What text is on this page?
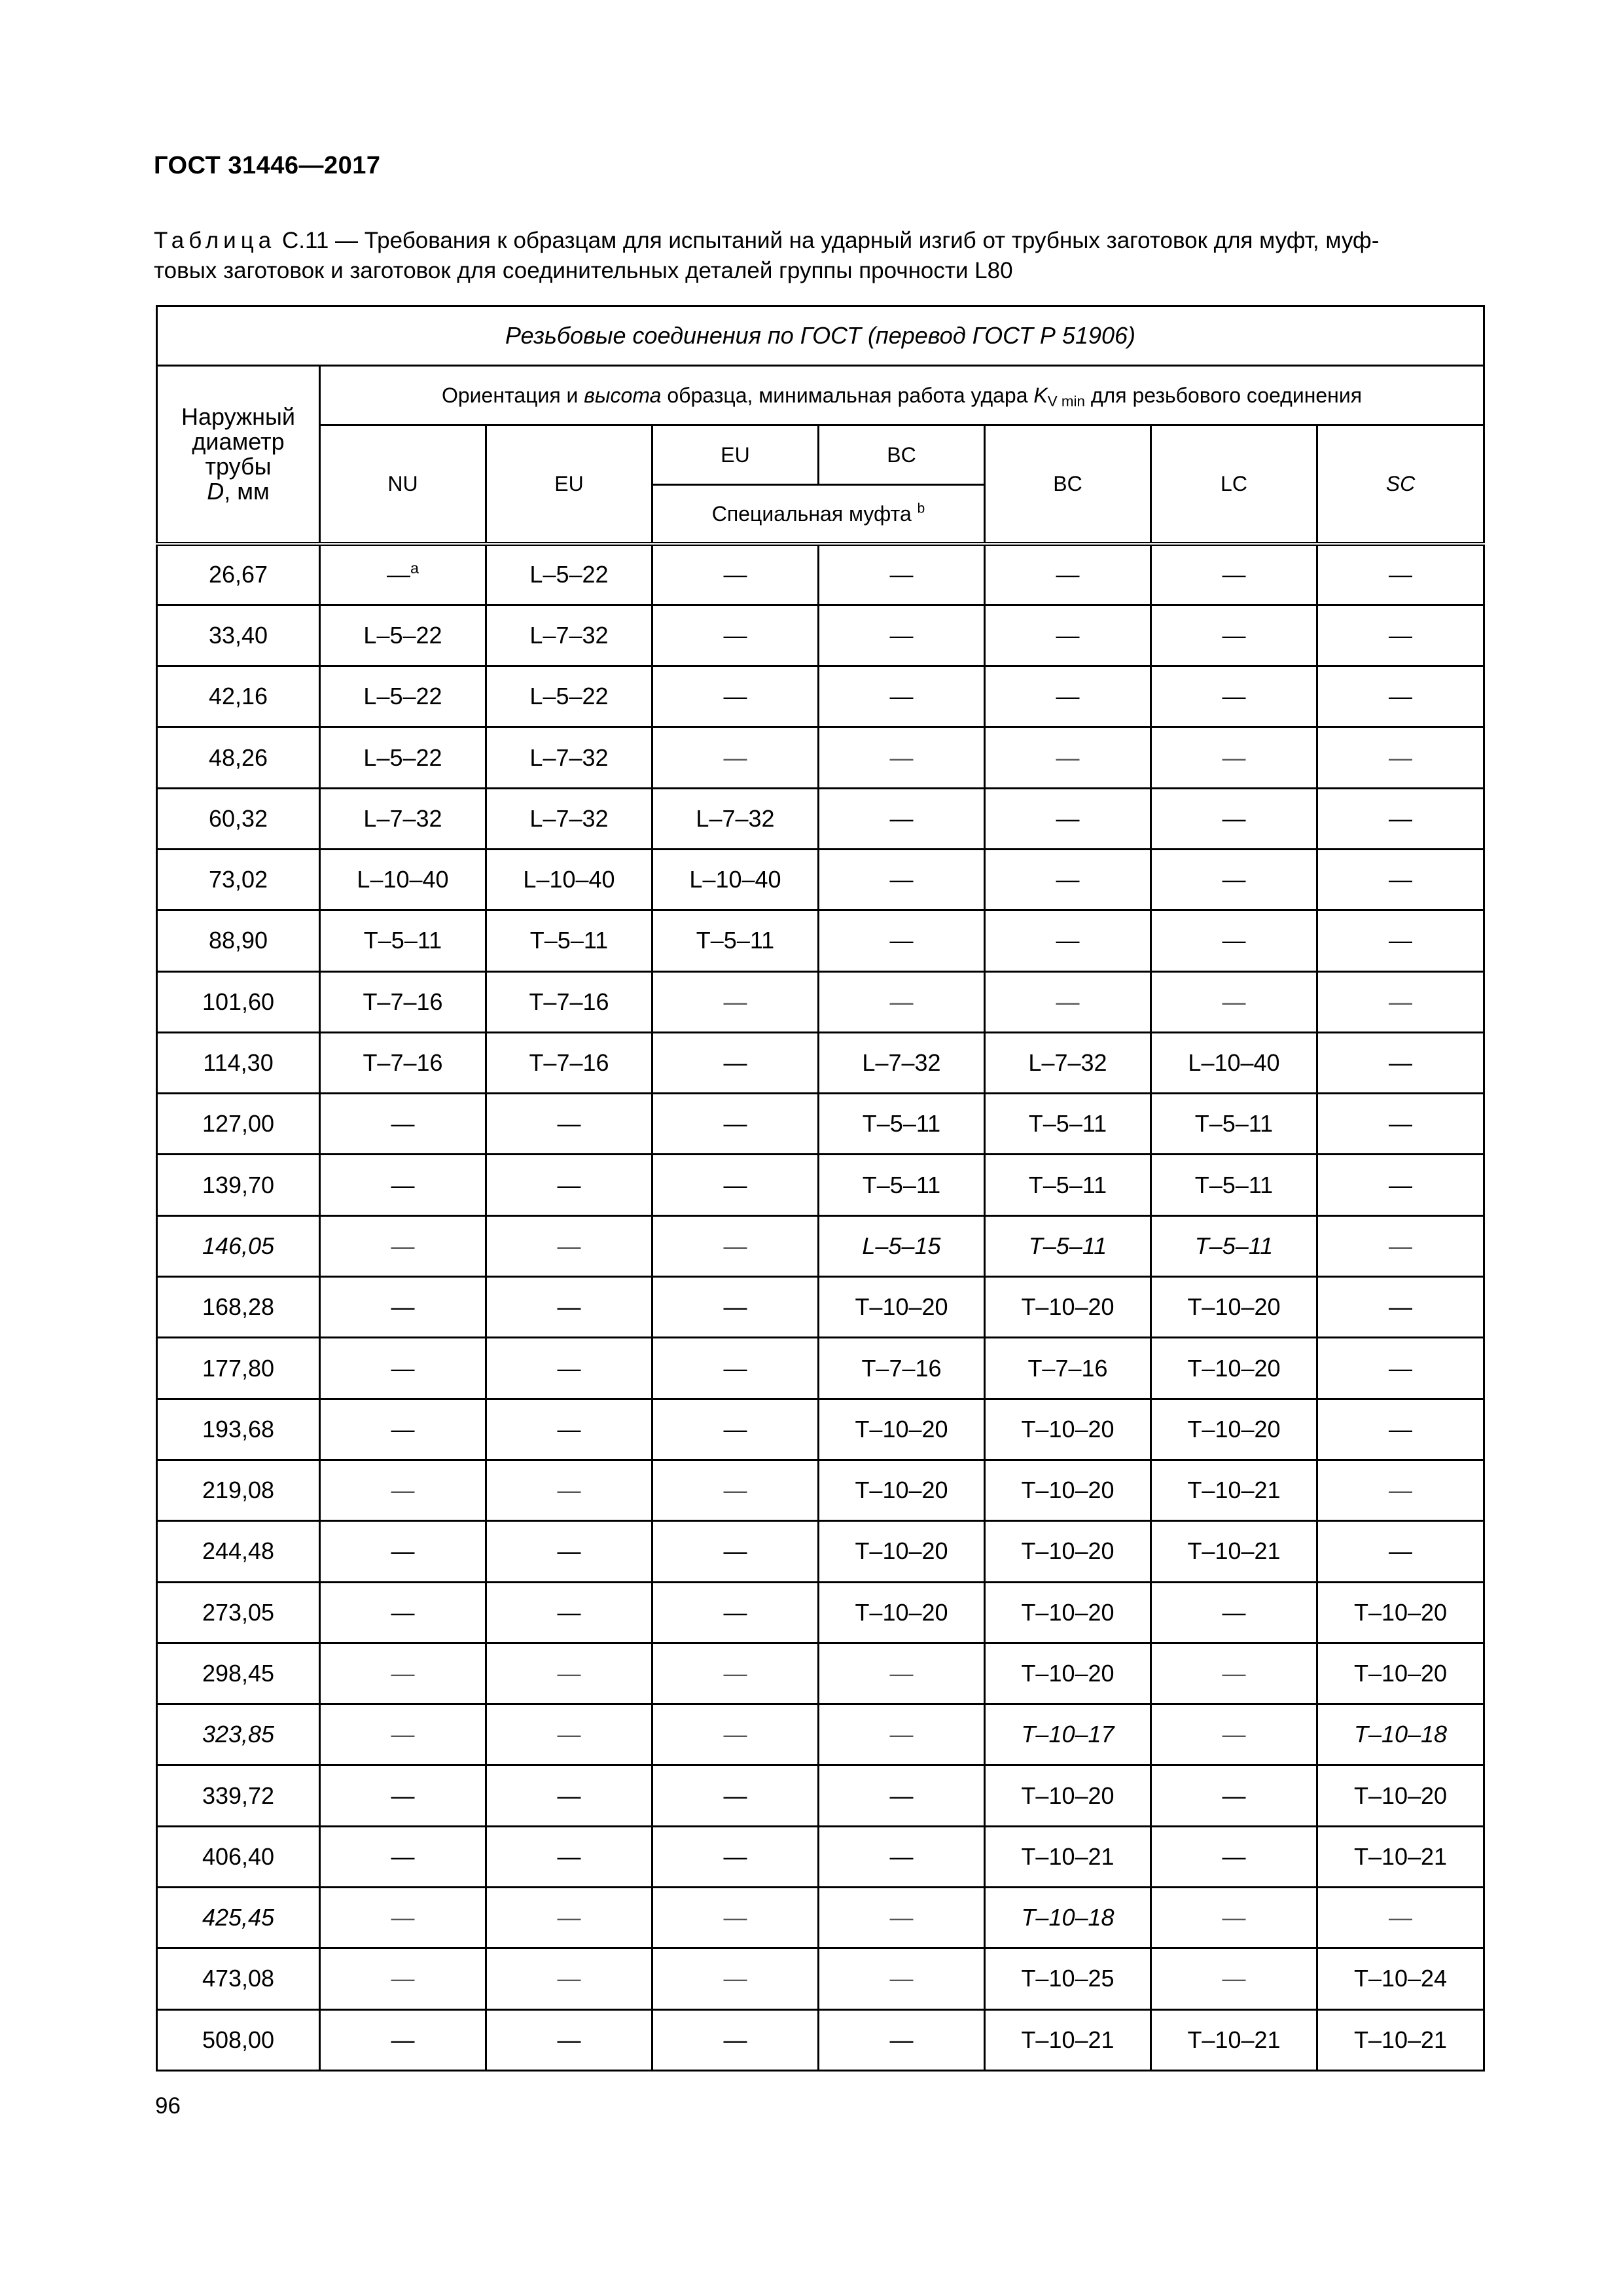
ГОСТ 31446—2017
Таблица С.11 — Требования к образцам для испытаний на ударный изгиб от трубных заготовок для муфт, муф-
товых заготовок и заготовок для соединительных деталей группы прочности L80
Резьбовые соединения по ГОСТ (перевод ГОСТ Р 51906)							
Наружный
диаметр
трубы
D, мм	Ориентация и высота образца, минимальная работа удара $K_{V min}$ для резьбового соединения						
	NU	EU	EU	BC	BC	LC	SC
			Специальная муфта $^b$
26,67	—$^a$	L–5–22	—	—	—	—	—
33,40	L–5–22	L–7–32	—	—	—	—	—
42,16	L–5–22	L–5–22	—	—	—	—	—
48,26	L–5–22	L–7–32	—	—	—	—	—
60,32	L–7–32	L–7–32	L–7–32	—	—	—	—
73,02	L–10–40	L–10–40	L–10–40	—	—	—	—
88,90	T–5–11	T–5–11	T–5–11	—	—	—	—
101,60	T–7–16	T–7–16	—	—	—	—	—
114,30	T–7–16	T–7–16	—	L–7–32	L–7–32	L–10–40	—
127,00	—	—	—	T–5–11	T–5–11	T–5–11	—
139,70	—	—	—	T–5–11	T–5–11	T–5–11	—
146,05	—	—	—	L–5–15	T–5–11	T–5–11	—
168,28	—	—	—	T–10–20	T–10–20	T–10–20	—
177,80	—	—	—	T–7–16	T–7–16	T–10–20	—
193,68	—	—	—	T–10–20	T–10–20	T–10–20	—
219,08	—	—	—	T–10–20	T–10–20	T–10–21	—
244,48	—	—	—	T–10–20	T–10–20	T–10–21	—
273,05	—	—	—	T–10–20	T–10–20	—	T–10–20
298,45	—	—	—	—	T–10–20	—	T–10–20
323,85	—	—	—	—	T–10–17	—	T–10–18
339,72	—	—	—	—	T–10–20	—	T–10–20
406,40	—	—	—	—	T–10–21	—	T–10–21
425,45	—	—	—	—	T–10–18	—	—
473,08	—	—	—	—	T–10–25	—	T–10–24
508,00	—	—	—	—	T–10–21	T–10–21	T–10–21
96
